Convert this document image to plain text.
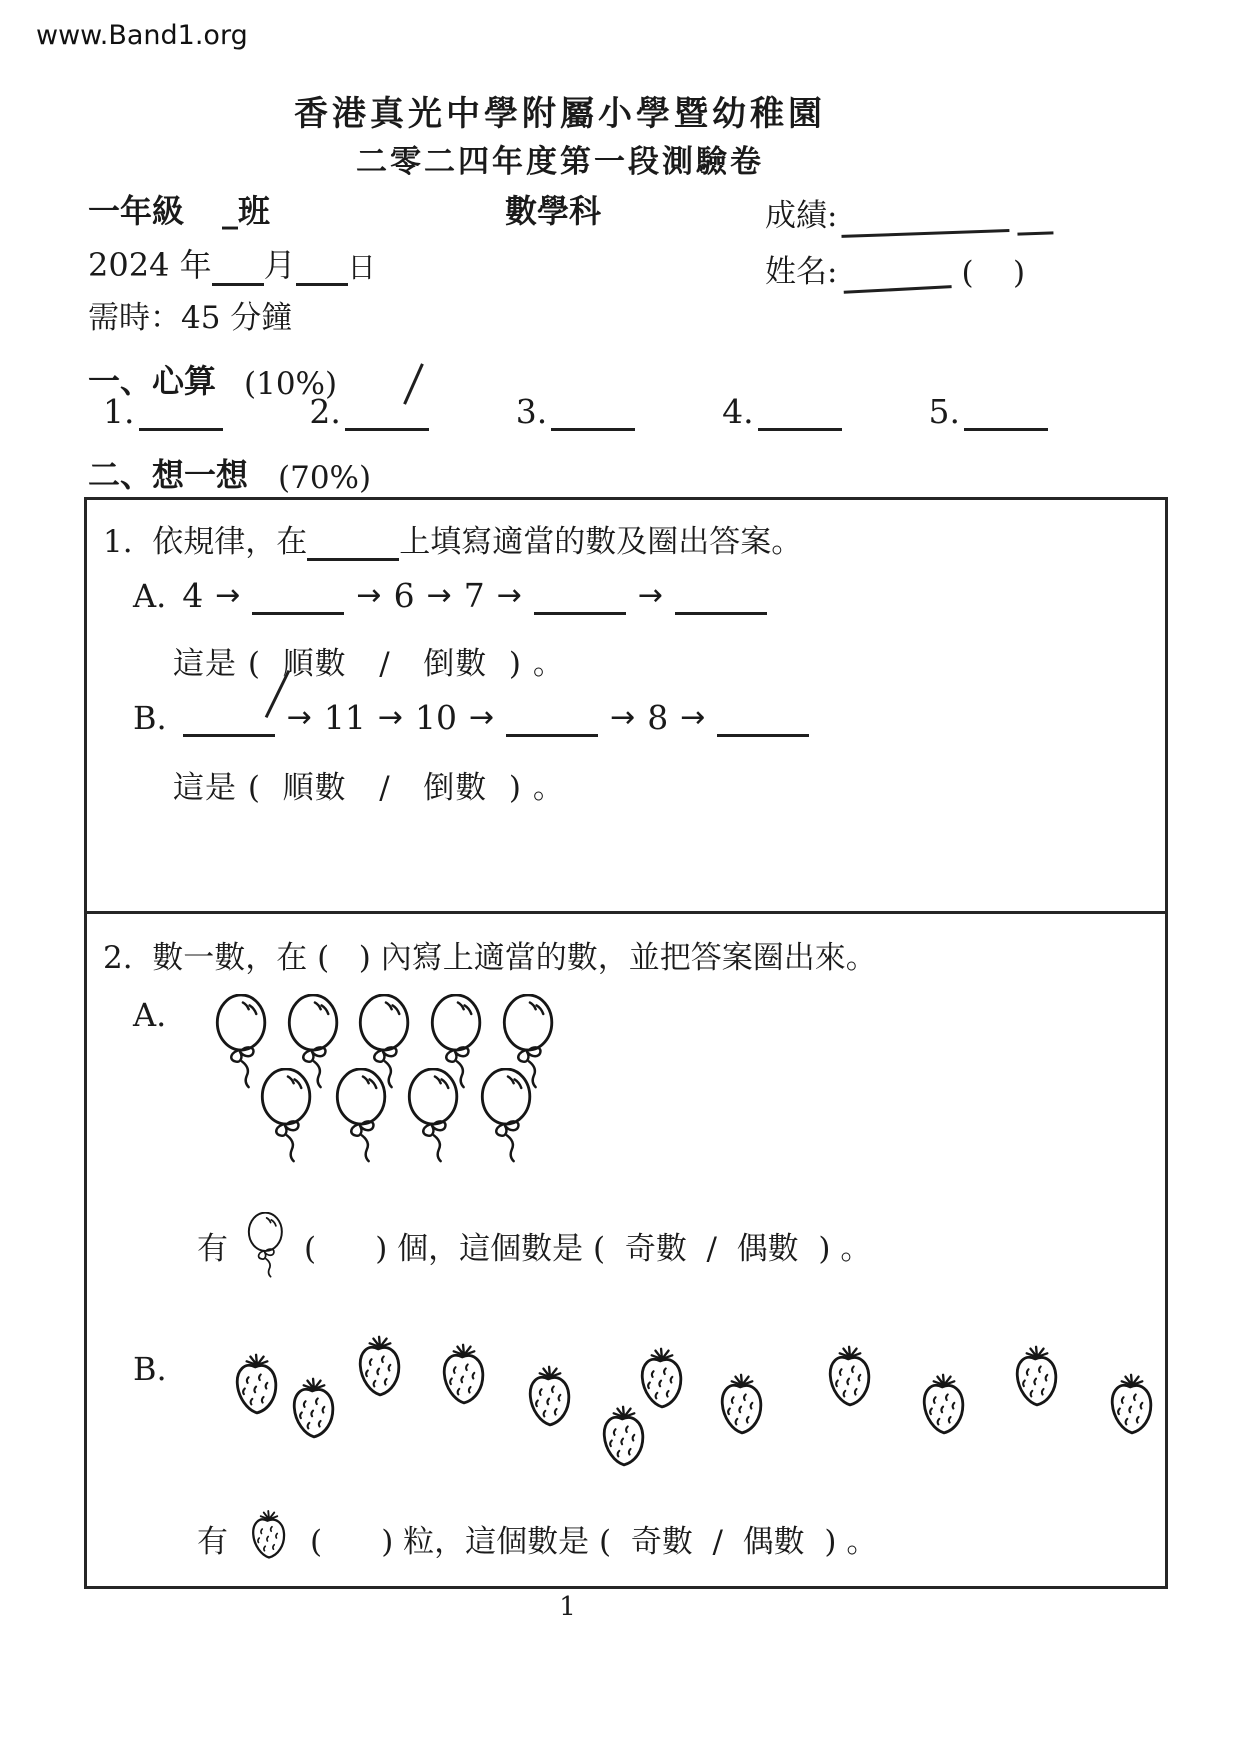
www.Band1.org
香港真光中學附屬小學暨幼稚園
二零二四年度第一段測驗卷
一年級 _班	數學科	成績:
2024 年 月 日	姓名:	(    )
需時：45 分鐘
一、心算 (10%)
1.	2.	3.	4.	5.
二、想一想 (70%)
1.  依規律，在	上填寫適當的數及圈出答案。
A. 4 →	→ 6 → 7 →	→
這是 (  順數   /   倒數  ) 。
B.	→ 11 → 10 →	→ 8 →
這是 (  順數   /   倒數  ) 。
2.  數一數，在 (   ) 內寫上適當的數，並把答案圈出來。
A.
有 (      ) 個，這個數是 (  奇數  /  偶數  ) 。
B.
有	(      ) 粒，這個數是 (  奇數  /  偶數  ) 。
1
